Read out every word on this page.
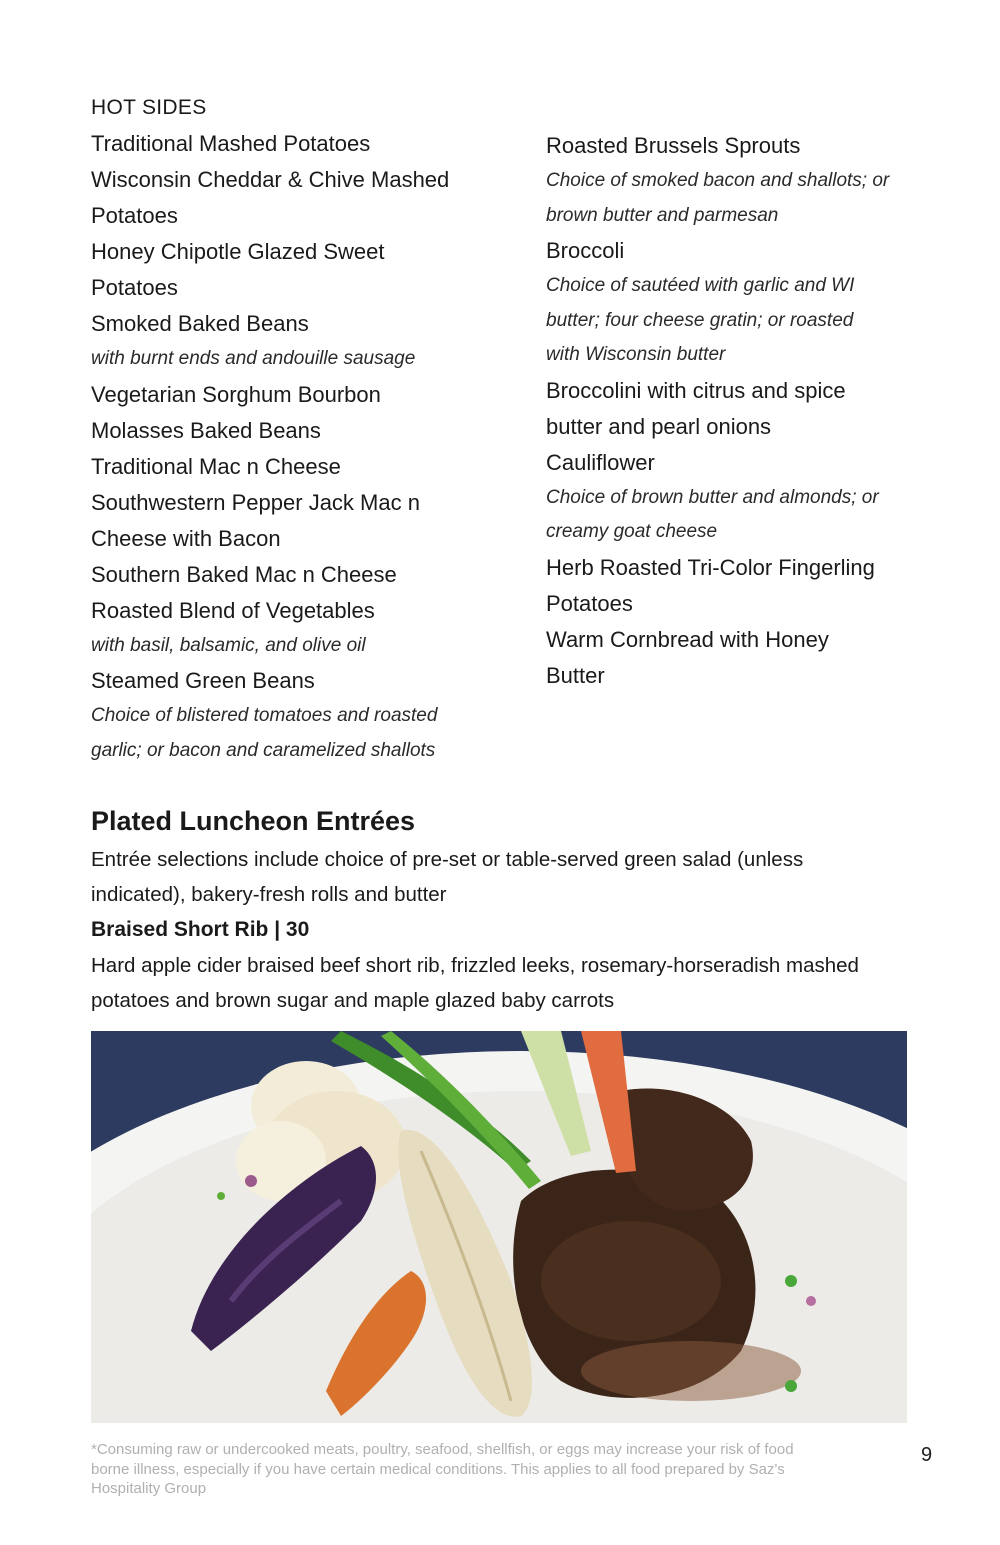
HOT SIDES

Traditional Mashed Potatoes

Wisconsin Cheddar & Chive Mashed

Potatoes

Honey Chipotle Glazed Sweet

Potatoes

Smoked Baked Beans

with burnt ends and andouille sausage

Vegetarian Sorghum Bourbon

Molasses Baked Beans

Traditional Mac n Cheese

Southwestern Pepper Jack Mac n

Cheese with Bacon

Southern Baked Mac n Cheese

Roasted Blend of Vegetables

with basil, balsamic, and olive oil

Steamed Green Beans

Choice of blistered tomatoes and roasted

garlic; or bacon and caramelized shallots

Roasted Brussels Sprouts

Choice of smoked bacon and shallots; or

brown butter and parmesan

Broccoli

Choice of sautéed with garlic and WI

butter; four cheese gratin; or roasted

with Wisconsin butter

Broccolini with citrus and spice

butter and pearl onions

Cauliflower

Choice of brown butter and almonds; or

creamy goat cheese

Herb Roasted Tri-Color Fingerling

Potatoes

Warm Cornbread with Honey

Butter

Plated Luncheon Entrées

Entrée selections include choice of pre-set or table-served green salad (unless

indicated), bakery-fresh rolls and butter

Braised Short Rib | 30

Hard apple cider braised beef short rib, frizzled leeks, rosemary-horseradish mashed

potatoes and brown sugar and maple glazed baby carrots

*Consuming raw or undercooked meats, poultry, seafood, shellfish, or eggs may increase your risk of food
borne illness, especially if you have certain medical conditions. This applies to all food prepared by Saz's
Hospitality Group
9
